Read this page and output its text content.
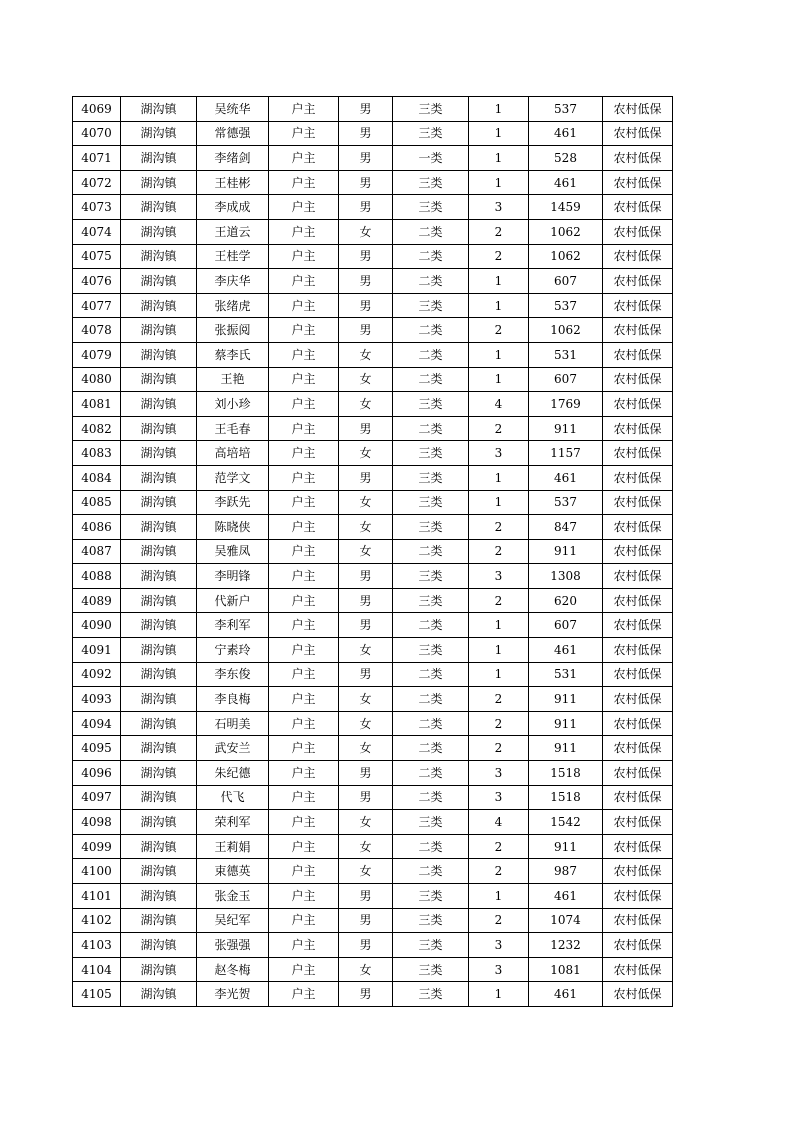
4069	湖沟镇	吴统华	户主	男	三类	1	537	农村低保
4070	湖沟镇	常德强	户主	男	三类	1	461	农村低保
4071	湖沟镇	李绪剑	户主	男	一类	1	528	农村低保
4072	湖沟镇	王桂彬	户主	男	三类	1	461	农村低保
4073	湖沟镇	李成成	户主	男	三类	3	1459	农村低保
4074	湖沟镇	王道云	户主	女	二类	2	1062	农村低保
4075	湖沟镇	王桂学	户主	男	二类	2	1062	农村低保
4076	湖沟镇	李庆华	户主	男	二类	1	607	农村低保
4077	湖沟镇	张绪虎	户主	男	三类	1	537	农村低保
4078	湖沟镇	张振阅	户主	男	二类	2	1062	农村低保
4079	湖沟镇	蔡李氏	户主	女	二类	1	531	农村低保
4080	湖沟镇	王艳	户主	女	二类	1	607	农村低保
4081	湖沟镇	刘小珍	户主	女	三类	4	1769	农村低保
4082	湖沟镇	王毛春	户主	男	二类	2	911	农村低保
4083	湖沟镇	高培培	户主	女	三类	3	1157	农村低保
4084	湖沟镇	范学文	户主	男	三类	1	461	农村低保
4085	湖沟镇	李跃先	户主	女	三类	1	537	农村低保
4086	湖沟镇	陈晓侠	户主	女	三类	2	847	农村低保
4087	湖沟镇	吴雅凤	户主	女	二类	2	911	农村低保
4088	湖沟镇	李明锋	户主	男	三类	3	1308	农村低保
4089	湖沟镇	代新户	户主	男	三类	2	620	农村低保
4090	湖沟镇	李利军	户主	男	二类	1	607	农村低保
4091	湖沟镇	宁素玲	户主	女	三类	1	461	农村低保
4092	湖沟镇	李东俊	户主	男	二类	1	531	农村低保
4093	湖沟镇	李良梅	户主	女	二类	2	911	农村低保
4094	湖沟镇	石明美	户主	女	二类	2	911	农村低保
4095	湖沟镇	武安兰	户主	女	二类	2	911	农村低保
4096	湖沟镇	朱纪德	户主	男	二类	3	1518	农村低保
4097	湖沟镇	代飞	户主	男	二类	3	1518	农村低保
4098	湖沟镇	荣利军	户主	女	三类	4	1542	农村低保
4099	湖沟镇	王莉娟	户主	女	二类	2	911	农村低保
4100	湖沟镇	束德英	户主	女	二类	2	987	农村低保
4101	湖沟镇	张金玉	户主	男	三类	1	461	农村低保
4102	湖沟镇	吴纪军	户主	男	三类	2	1074	农村低保
4103	湖沟镇	张强强	户主	男	三类	3	1232	农村低保
4104	湖沟镇	赵冬梅	户主	女	三类	3	1081	农村低保
4105	湖沟镇	李光贺	户主	男	三类	1	461	农村低保
